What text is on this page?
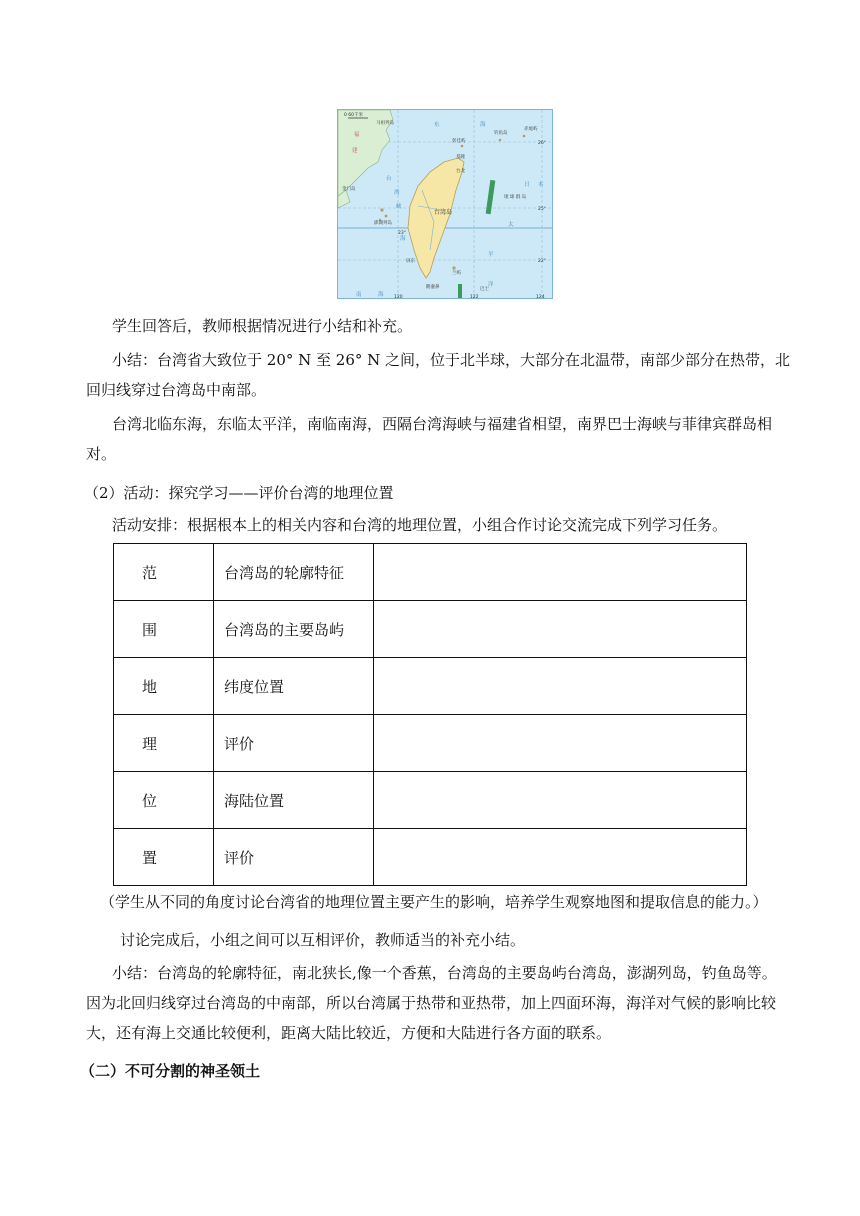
0 60千米
马祖列岛
金门岛
钓鱼岛
赤尾屿
彭佳屿
基隆
台北
台湾岛
澎湖列岛
屏东
兰屿
鹅銮鼻
琉 球 群 岛
23°
26°
25°
22°
120	122	124
巴士
东	海
台
湾
峡
海
日 本
太
平
洋
南	海
福
建
学生回答后，教师根据情况进行小结和补充。
小结：台湾省大致位于 20° N 至 26° N 之间，位于北半球，大部分在北温带，南部少部分在热带，北
回归线穿过台湾岛中南部。
台湾北临东海，东临太平洋，南临南海，西隔台湾海峡与福建省相望，南界巴士海峡与菲律宾群岛相
对。
（2）活动：探究学习——评价台湾的地理位置
活动安排：根据根本上的相关内容和台湾的地理位置，小组合作讨论交流完成下列学习任务。
范	台湾岛的轮廓特征	
围	台湾岛的主要岛屿	
地	纬度位置	
理	评价	
位	海陆位置	
置	评价	
（学生从不同的角度讨论台湾省的地理位置主要产生的影响，培养学生观察地图和提取信息的能力。）
讨论完成后，小组之间可以互相评价，教师适当的补充小结。
小结：台湾岛的轮廓特征，南北狭长,像一个香蕉，台湾岛的主要岛屿台湾岛，澎湖列岛，钓鱼岛等。
因为北回归线穿过台湾岛的中南部，所以台湾属于热带和亚热带，加上四面环海，海洋对气候的影响比较
大，还有海上交通比较便利，距离大陆比较近，方便和大陆进行各方面的联系。
（二）不可分割的神圣领土
